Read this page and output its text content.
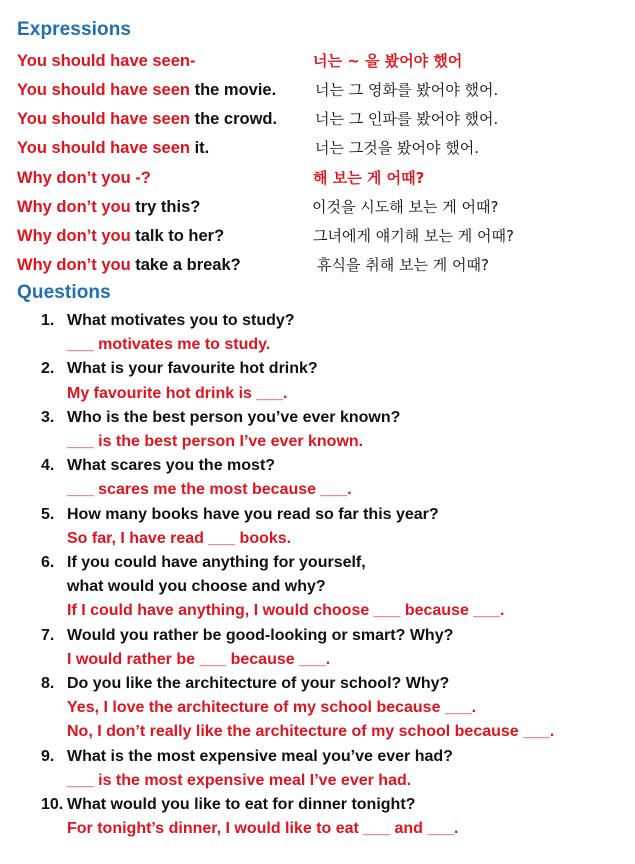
Expressions
You should have seen-	너는 ~ 을 봤어야 했어
You should have seen the movie.	너는 그 영화를 봤어야 했어.
You should have seen the crowd.	너는 그 인파를 봤어야 했어.
You should have seen it.	너는 그것을 봤어야 했어.
Why don’t you -?	해 보는 게 어때?
Why don’t you try this?	이것을 시도해 보는 게 어때?
Why don’t you talk to her?	그녀에게 얘기해 보는 게 어때?
Why don’t you take a break?	휴식을 취해 보는 게 어때?
Questions
1. What motivates you to study?
___ motivates me to study.
2. What is your favourite hot drink?
My favourite hot drink is ___.
3. Who is the best person you’ve ever known?
___ is the best person I’ve ever known.
4. What scares you the most?
___ scares me the most because ___.
5. How many books have you read so far this year?
So far, I have read ___ books.
6. If you could have anything for yourself,
what would you choose and why?
If I could have anything, I would choose ___ because ___.
7. Would you rather be good-looking or smart? Why?
I would rather be ___ because ___.
8. Do you like the architecture of your school? Why?
Yes, I love the architecture of my school because ___.
No, I don’t really like the architecture of my school because ___.
9. What is the most expensive meal you’ve ever had?
___ is the most expensive meal I’ve ever had.
10. What would you like to eat for dinner tonight?
For tonight’s dinner, I would like to eat ___ and ___.
